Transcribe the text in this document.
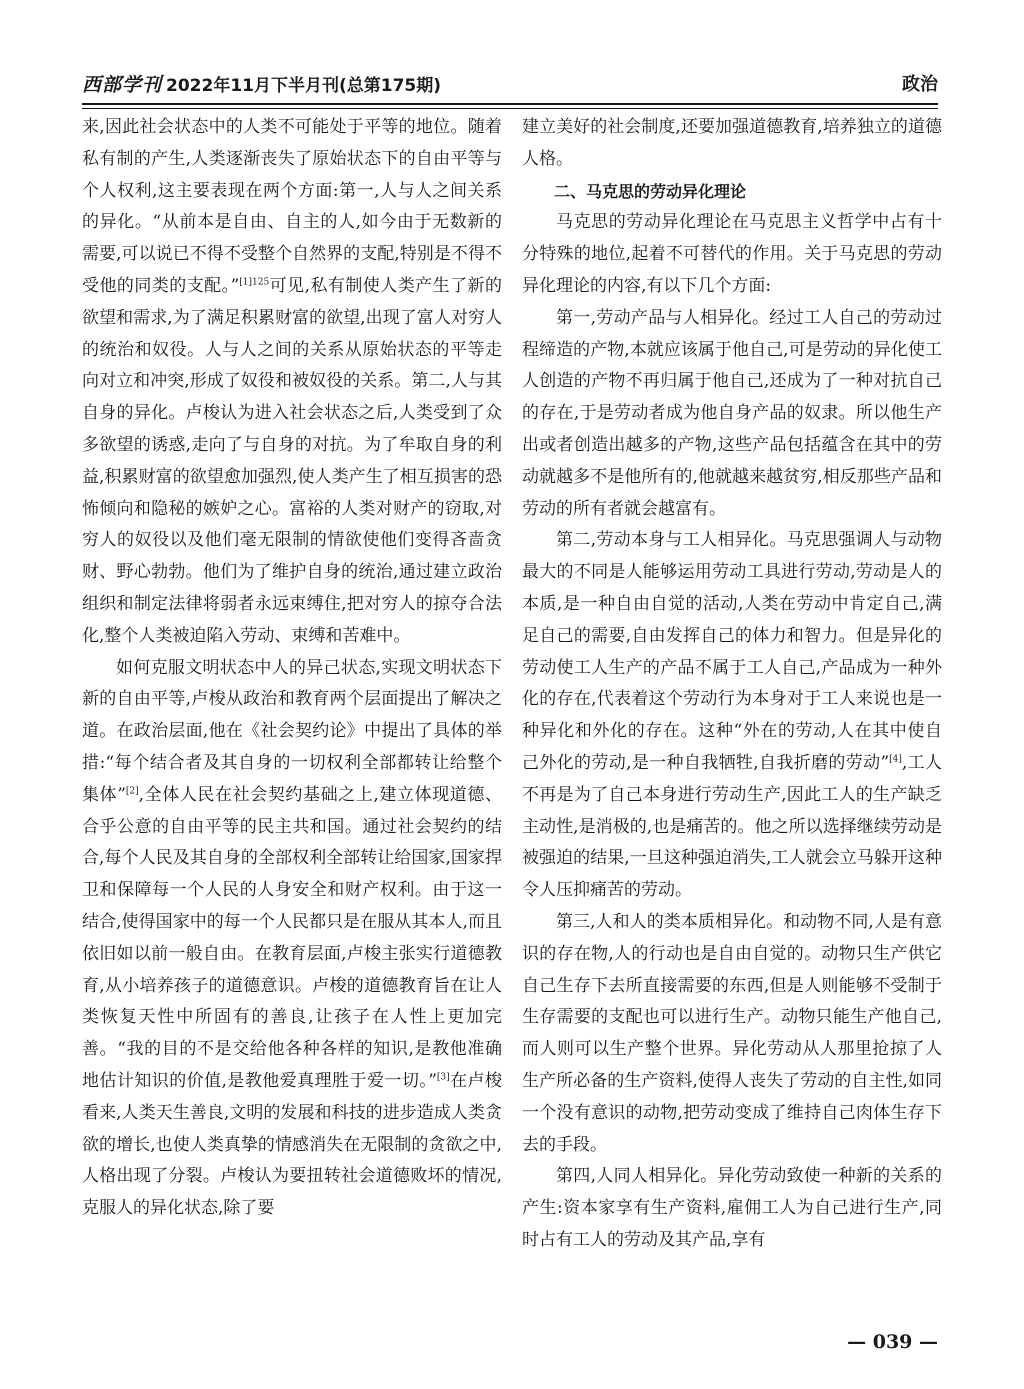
西部学刊 2022年11月下半月刊(总第175期)	政治

来,因此社会状态中的人类不可能处于平等的地位。随着私有制的产生,人类逐渐丧失了原始状态下的自由平等与个人权利,这主要表现在两个方面:第一,人与人之间关系的异化。“从前本是自由、自主的人,如今由于无数新的需要,可以说已不得不受整个自然界的支配,特别是不得不受他的同类的支配。”$^{[1]125}$可见,私有制使人类产生了新的欲望和需求,为了满足积累财富的欲望,出现了富人对穷人的统治和奴役。人与人之间的关系从原始状态的平等走向对立和冲突,形成了奴役和被奴役的关系。第二,人与其自身的异化。卢梭认为进入社会状态之后,人类受到了众多欲望的诱惑,走向了与自身的对抗。为了牟取自身的利益,积累财富的欲望愈加强烈,使人类产生了相互损害的恐怖倾向和隐秘的嫉妒之心。富裕的人类对财产的窃取,对穷人的奴役以及他们毫无限制的情欲使他们变得吝啬贪财、野心勃勃。他们为了维护自身的统治,通过建立政治组织和制定法律将弱者永远束缚住,把对穷人的掠夺合法化,整个人类被迫陷入劳动、束缚和苦难中。

如何克服文明状态中人的异己状态,实现文明状态下新的自由平等,卢梭从政治和教育两个层面提出了解决之道。在政治层面,他在《社会契约论》中提出了具体的举措:“每个结合者及其自身的一切权利全部都转让给整个集体”[2],全体人民在社会契约基础之上,建立体现道德、合乎公意的自由平等的民主共和国。通过社会契约的结合,每个人民及其自身的全部权利全部转让给国家,国家捍卫和保障每一个人民的人身安全和财产权利。由于这一结合,使得国家中的每一个人民都只是在服从其本人,而且依旧如以前一般自由。在教育层面,卢梭主张实行道德教育,从小培养孩子的道德意识。卢梭的道德教育旨在让人类恢复天性中所固有的善良,让孩子在人性上更加完善。“我的目的不是交给他各种各样的知识,是教他准确地估计知识的价值,是教他爱真理胜于爱一切。”[3]在卢梭看来,人类天生善良,文明的发展和科技的进步造成人类贪欲的增长,也使人类真挚的情感消失在无限制的贪欲之中,人格出现了分裂。卢梭认为要扭转社会道德败坏的情况,克服人的异化状态,除了要

建立美好的社会制度,还要加强道德教育,培养独立的道德人格。

二、马克思的劳动异化理论

马克思的劳动异化理论在马克思主义哲学中占有十分特殊的地位,起着不可替代的作用。关于马克思的劳动异化理论的内容,有以下几个方面:

第一,劳动产品与人相异化。经过工人自己的劳动过程缔造的产物,本就应该属于他自己,可是劳动的异化使工人创造的产物不再归属于他自己,还成为了一种对抗自己的存在,于是劳动者成为他自身产品的奴隶。所以他生产出或者创造出越多的产物,这些产品包括蕴含在其中的劳动就越多不是他所有的,他就越来越贫穷,相反那些产品和劳动的所有者就会越富有。

第二,劳动本身与工人相异化。马克思强调人与动物最大的不同是人能够运用劳动工具进行劳动,劳动是人的本质,是一种自由自觉的活动,人类在劳动中肯定自己,满足自己的需要,自由发挥自己的体力和智力。但是异化的劳动使工人生产的产品不属于工人自己,产品成为一种外化的存在,代表着这个劳动行为本身对于工人来说也是一种异化和外化的存在。这种“外在的劳动,人在其中使自己外化的劳动,是一种自我牺牲,自我折磨的劳动”[4],工人不再是为了自己本身进行劳动生产,因此工人的生产缺乏主动性,是消极的,也是痛苦的。他之所以选择继续劳动是被强迫的结果,一旦这种强迫消失,工人就会立马躲开这种令人压抑痛苦的劳动。

第三,人和人的类本质相异化。和动物不同,人是有意识的存在物,人的行动也是自由自觉的。动物只生产供它自己生存下去所直接需要的东西,但是人则能够不受制于生存需要的支配也可以进行生产。动物只能生产他自己,而人则可以生产整个世界。异化劳动从人那里抢掠了人生产所必备的生产资料,使得人丧失了劳动的自主性,如同一个没有意识的动物,把劳动变成了维持自己肉体生存下去的手段。

第四,人同人相异化。异化劳动致使一种新的关系的产生:资本家享有生产资料,雇佣工人为自己进行生产,同时占有工人的劳动及其产品,享有

— 039 —
